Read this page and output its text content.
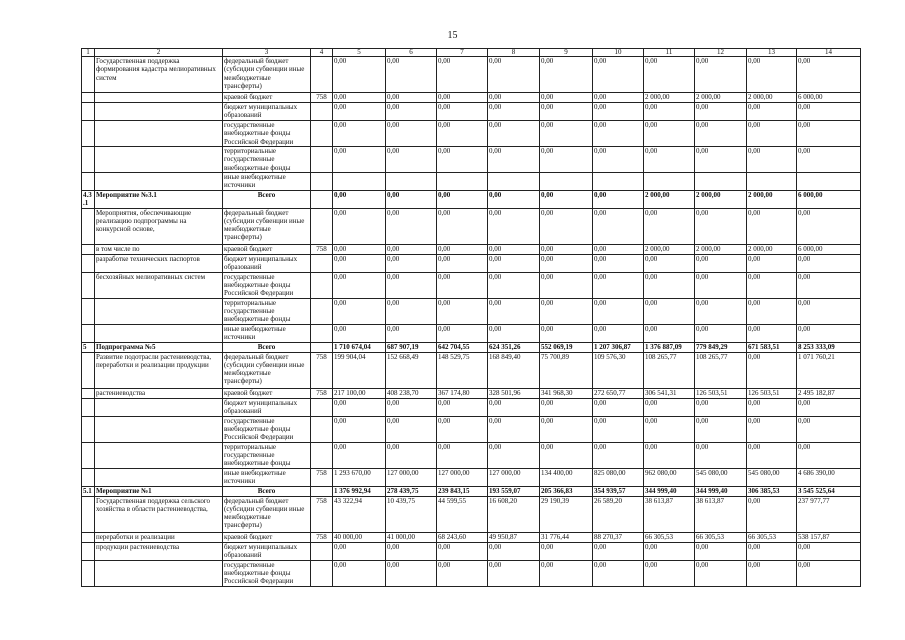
15
1	2	3	4	5	6	7	8	9	10	11	12	13	14
	Государственная поддержка формирования кадастра мелиоративных систем	федеральный бюджет (субсидии субвенции иные межбюджетные трансферты)		0,00	0,00	0,00	0,00	0,00	0,00	0,00	0,00	0,00	0,00
		краевой бюджет	758	0,00	0,00	0,00	0,00	0,00	0,00	2 000,00	2 000,00	2 000,00	6 000,00
		бюджет муниципальных образований		0,00	0,00	0,00	0,00	0,00	0,00	0,00	0,00	0,00	0,00
		государственные внебюджетные фонды Российской Федерации		0,00	0,00	0,00	0,00	0,00	0,00	0,00	0,00	0,00	0,00
		территориальные государственные внебюджетные фонды		0,00	0,00	0,00	0,00	0,00	0,00	0,00	0,00	0,00	0,00
		иные внебюджетные источники											
4.3.1	Мероприятие №3.1	Всего		0,00	0,00	0,00	0,00	0,00	0,00	2 000,00	2 000,00	2 000,00	6 000,00
	Мероприятия, обеспечивающие реализацию подпрограммы на конкурсной основе,	федеральный бюджет (субсидии субвенции иные межбюджетные трансферты)		0,00	0,00	0,00	0,00	0,00	0,00	0,00	0,00	0,00	0,00
	в том числе по	краевой бюджет	758	0,00	0,00	0,00	0,00	0,00	0,00	2 000,00	2 000,00	2 000,00	6 000,00
	разработке технических паспортов	бюджет муниципальных образований		0,00	0,00	0,00	0,00	0,00	0,00	0,00	0,00	0,00	0,00
	бесхозяйных мелиоративных систем	государственные внебюджетные фонды Российской Федерации		0,00	0,00	0,00	0,00	0,00	0,00	0,00	0,00	0,00	0,00
		территориальные государственные внебюджетные фонды		0,00	0,00	0,00	0,00	0,00	0,00	0,00	0,00	0,00	0,00
		иные внебюджетные источники		0,00	0,00	0,00	0,00	0,00	0,00	0,00	0,00	0,00	0,00
5	Подпрограмма №5	Всего		1 710 674,04	687 907,19	642 704,55	624 351,26	552 069,19	1 207 306,87	1 376 887,09	779 849,29	671 583,51	8 253 333,09
	Развитие подотрасли растениеводства, переработки и реализации продукции	федеральный бюджет (субсидии субвенции иные межбюджетные трансферты)	758	199 904,04	152 668,49	148 529,75	168 849,40	75 700,89	109 576,30	108 265,77	108 265,77	0,00	1 071 760,21
	растениеводства	краевой бюджет	758	217 100,00	408 238,70	367 174,80	328 501,96	341 968,30	272 650,77	306 541,31	126 503,51	126 503,51	2 495 182,87
		бюджет муниципальных образований		0,00	0,00	0,00	0,00	0,00	0,00	0,00	0,00	0,00	0,00
		государственные внебюджетные фонды Российской Федерации		0,00	0,00	0,00	0,00	0,00	0,00	0,00	0,00	0,00	0,00
		территориальные государственные внебюджетные фонды		0,00	0,00	0,00	0,00	0,00	0,00	0,00	0,00	0,00	0,00
		иные внебюджетные источники	758	1 293 670,00	127 000,00	127 000,00	127 000,00	134 400,00	825 080,00	962 080,00	545 080,00	545 080,00	4 686 390,00
5.1	Мероприятие №1	Всего		1 376 992,94	278 439,75	239 843,15	193 559,07	205 366,83	354 939,57	344 999,40	344 999,40	306 385,53	3 545 525,64
	Государственная поддержка сельского хозяйства в области растениеводства,	федеральный бюджет (субсидии субвенции иные межбюджетные трансферты)	758	43 322,94	10 439,75	44 599,55	16 608,20	29 190,39	26 589,20	38 613,87	38 613,87	0,00	237 977,77
	переработки и реализации	краевой бюджет	758	40 000,00	41 000,00	68 243,60	49 950,87	31 776,44	88 270,37	66 305,53	66 305,53	66 305,53	538 157,87
	продукции растениеводства	бюджет муниципальных образований		0,00	0,00	0,00	0,00	0,00	0,00	0,00	0,00	0,00	0,00
		государственные внебюджетные фонды Российской Федерации		0,00	0,00	0,00	0,00	0,00	0,00	0,00	0,00	0,00	0,00
